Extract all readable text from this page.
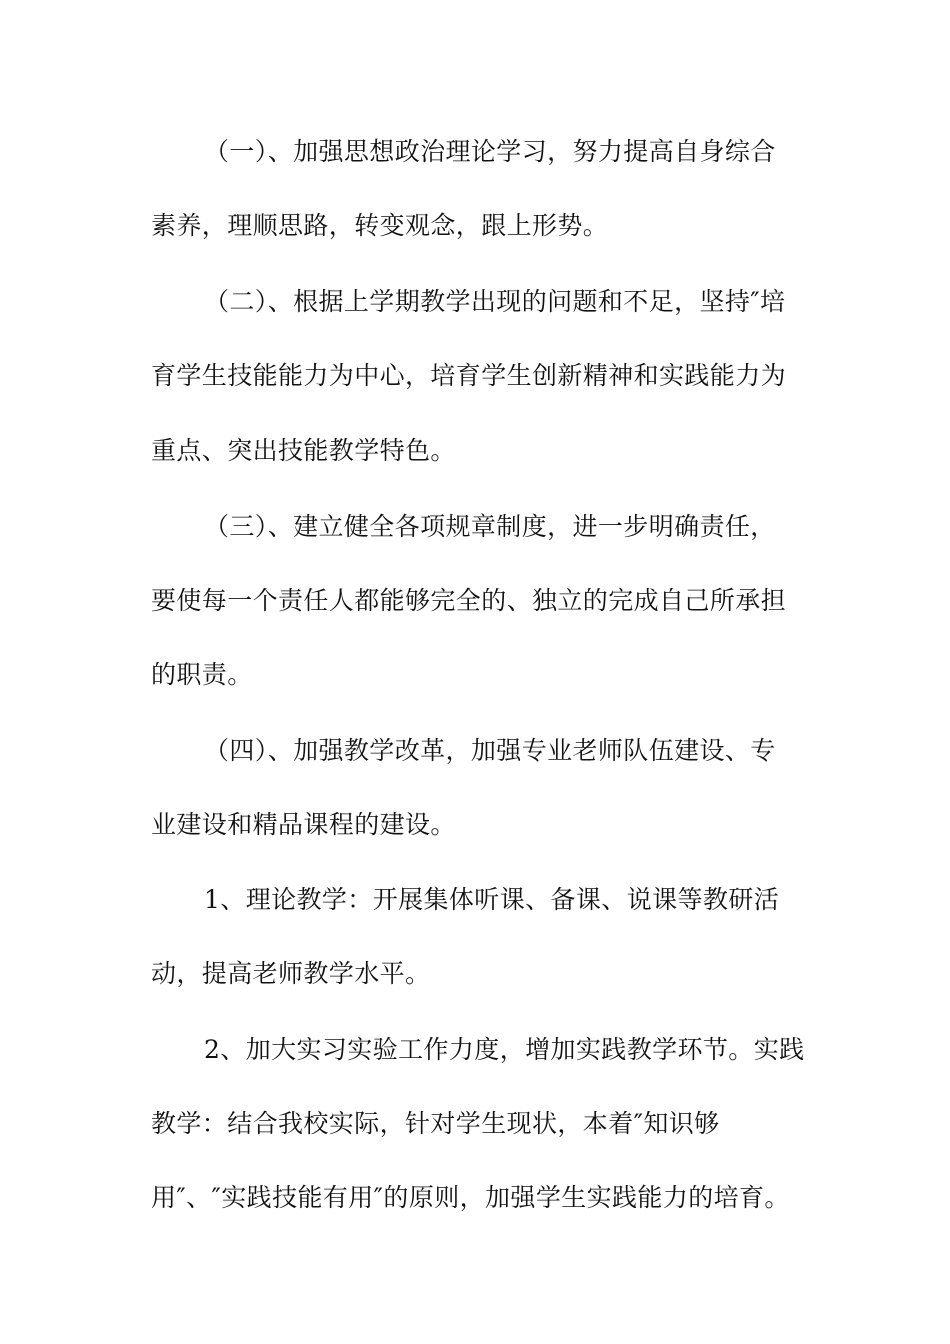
（一）、加强思想政治理论学习，努力提高自身综合
素养，理顺思路，转变观念，跟上形势。
（二）、根据上学期教学出现的问题和不足，坚持″培
育学生技能能力为中心，培育学生创新精神和实践能力为
重点、突出技能教学特色。
（三）、建立健全各项规章制度，进一步明确责任，
要使每一个责任人都能够完全的、独立的完成自己所承担
的职责。
（四）、加强教学改革，加强专业老师队伍建设、专
业建设和精品课程的建设。
1、理论教学：开展集体听课、备课、说课等教研活
动，提高老师教学水平。
2、加大实习实验工作力度，增加实践教学环节。实践
教学：结合我校实际，针对学生现状，本着″知识够
用″、″实践技能有用″的原则，加强学生实践能力的培育。
